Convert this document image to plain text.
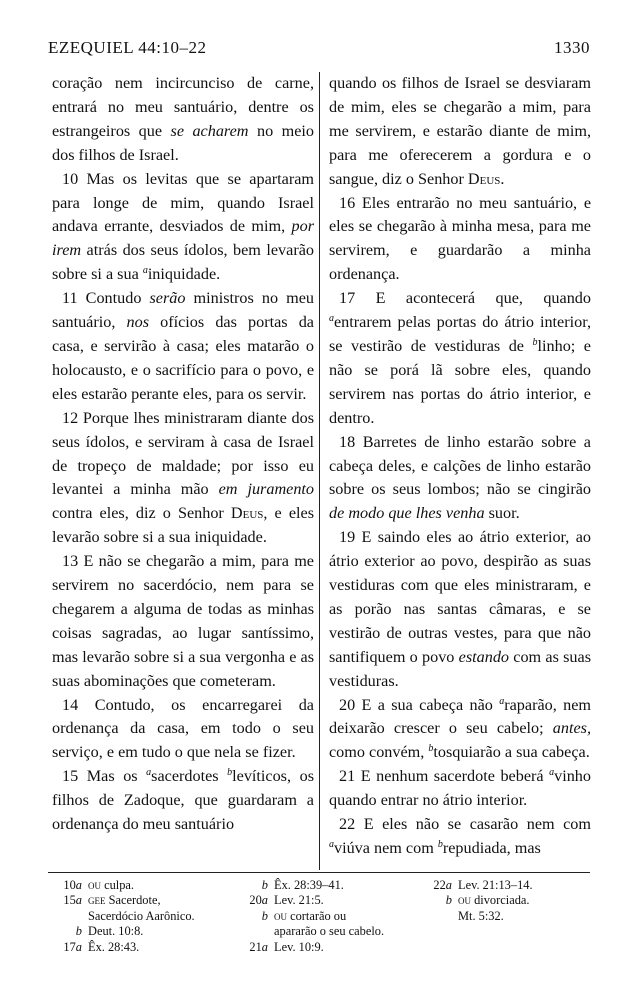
EZEQUIEL 44:10–22	1330

coração nem incircunciso de carne, entrará no meu santuário, dentre os estrangeiros que se acharem no meio dos filhos de Israel.

10 Mas os levitas que se apartaram para longe de mim, quando Israel andava errante, desviados de mim, por irem atrás dos seus ídolos, bem levarão sobre si a sua $^a$iniquidade.

11 Contudo serão ministros no meu santuário, nos ofícios das portas da casa, e servirão à casa; eles matarão o holocausto, e o sacrifício para o povo, e eles estarão perante eles, para os servir.

12 Porque lhes ministraram diante dos seus ídolos, e serviram à casa de Israel de tropeço de maldade; por isso eu levantei a minha mão em juramento contra eles, diz o Senhor Deus, e eles levarão sobre si a sua iniquidade.

13 E não se chegarão a mim, para me servirem no sacerdócio, nem para se chegarem a alguma de todas as minhas coisas sagradas, ao lugar santíssimo, mas levarão sobre si a sua vergonha e as suas abominações que cometeram.

14 Contudo, os encarregarei da ordenança da casa, em todo o seu serviço, e em tudo o que nela se fizer.

15 Mas os $^a$sacerdotes $^b$levíticos, os filhos de Zadoque, que guardaram a ordenança do meu santuário

quando os filhos de Israel se desviaram de mim, eles se chegarão a mim, para me servirem, e estarão diante de mim, para me oferecerem a gordura e o sangue, diz o Senhor Deus.

16 Eles entrarão no meu santuário, e eles se chegarão à minha mesa, para me servirem, e guardarão a minha ordenança.

17 E acontecerá que, quando $^a$entrarem pelas portas do átrio interior, se vestirão de vestiduras de $^b$linho; e não se porá lã sobre eles, quando servirem nas portas do átrio interior, e dentro.

18 Barretes de linho estarão sobre a cabeça deles, e calções de linho estarão sobre os seus lombos; não se cingirão de modo que lhes venha suor.

19 E saindo eles ao átrio exterior, ao átrio exterior ao povo, despirão as suas vestiduras com que eles ministraram, e as porão nas santas câmaras, e se vestirão de outras vestes, para que não santifiquem o povo estando com as suas vestiduras.

20 E a sua cabeça não $^a$raparão, nem deixarão crescer o seu cabelo; antes, como convém, $^b$tosquiarão a sua cabeça.

21 E nenhum sacerdote beberá $^a$vinho quando entrar no átrio interior.

22 E eles não se casarão nem com $^a$viúva nem com $^b$repudiada, mas

10a ou culpa.
15a gee Sacerdote,
Sacerdócio Aarônico.
b Deut. 10:8.
17a Êx. 28:43.
b Êx. 28:39–41.
20a Lev. 21:5.
b ou cortarão ou
apararão o seu cabelo.
21a Lev. 10:9.
22a Lev. 21:13–14.
b ou divorciada.
Mt. 5:32.
